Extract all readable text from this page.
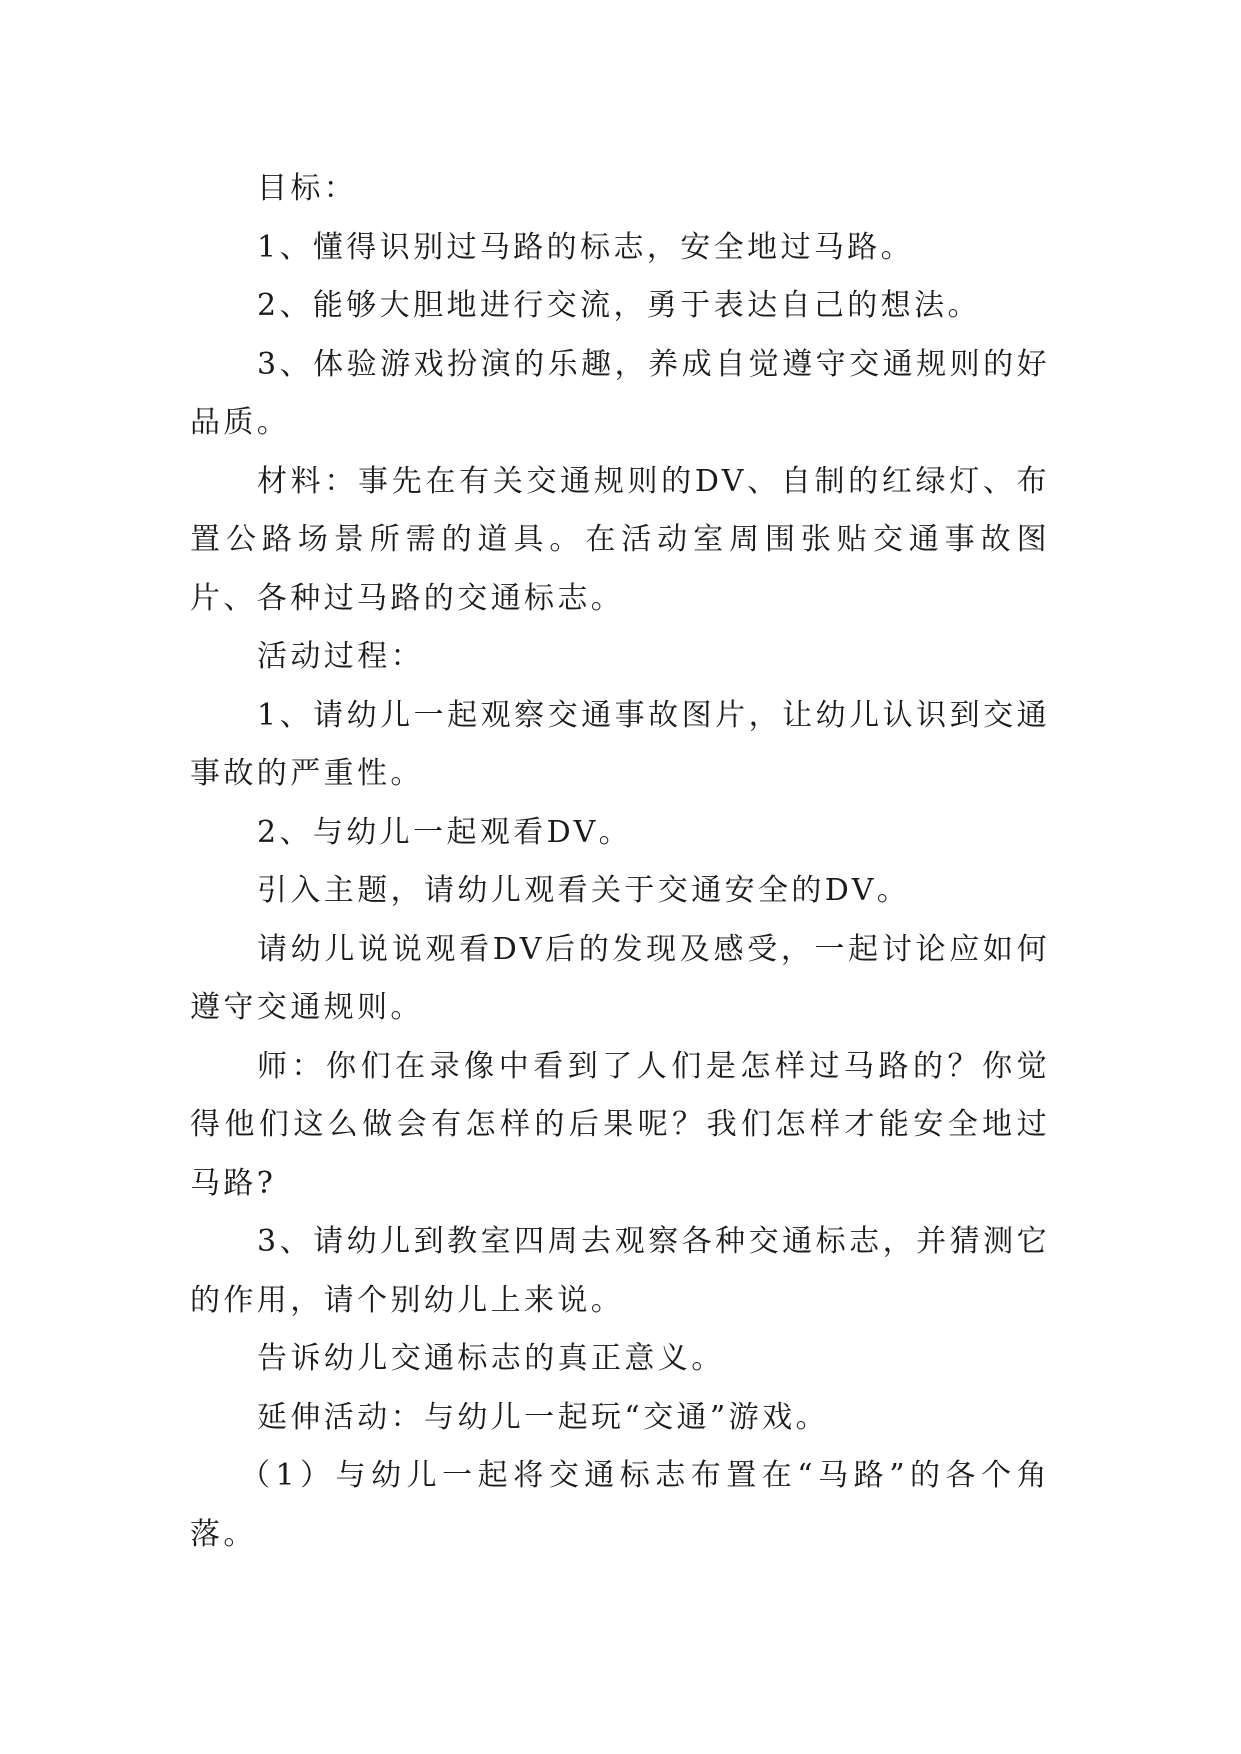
目标：

1、懂得识别过马路的标志，安全地过马路。

2、能够大胆地进行交流，勇于表达自己的想法。

3、体验游戏扮演的乐趣，养成自觉遵守交通规则的好品质。

材料：事先在有关交通规则的DV、自制的红绿灯、布置公路场景所需的道具。在活动室周围张贴交通事故图片、各种过马路的交通标志。

活动过程：

1、请幼儿一起观察交通事故图片，让幼儿认识到交通事故的严重性。

2、与幼儿一起观看DV。

引入主题，请幼儿观看关于交通安全的DV。

请幼儿说说观看DV后的发现及感受，一起讨论应如何遵守交通规则。

师：你们在录像中看到了人们是怎样过马路的？你觉得他们这么做会有怎样的后果呢？我们怎样才能安全地过马路?

3、请幼儿到教室四周去观察各种交通标志，并猜测它的作用，请个别幼儿上来说。

告诉幼儿交通标志的真正意义。

延伸活动：与幼儿一起玩“交通”游戏。

（1）与幼儿一起将交通标志布置在“马路”的各个角落。
